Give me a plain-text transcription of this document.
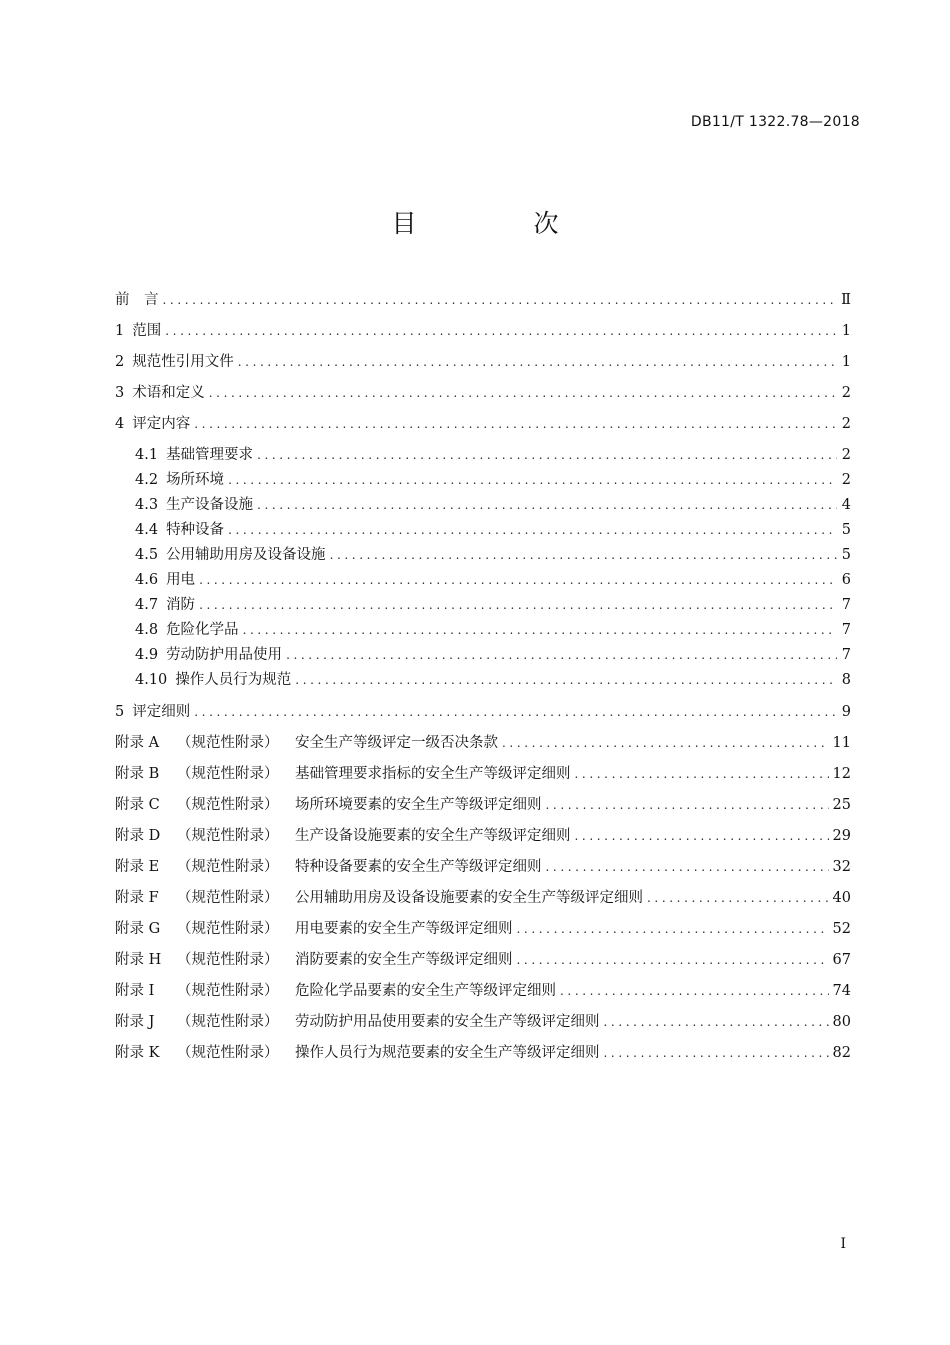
DB11/T 1322.78—2018
目　次
前　言 .....	Ⅱ
1 范围 .....	1
2 规范性引用文件 .....	1
3 术语和定义 .....	2
4 评定内容 .....	2
4.1 基础管理要求 .....	2
4.2 场所环境 .....	2
4.3 生产设备设施 .....	4
4.4 特种设备 .....	5
4.5 公用辅助用房及设备设施 .....	5
4.6 用电 .....	6
4.7 消防 .....	7
4.8 危险化学品 .....	7
4.9 劳动防护用品使用 .....	7
4.10 操作人员行为规范 .....	8
5 评定细则 .....	9
附录 A （规范性附录） 安全生产等级评定一级否决条款 .....	11
附录 B （规范性附录） 基础管理要求指标的安全生产等级评定细则 .....	12
附录 C （规范性附录） 场所环境要素的安全生产等级评定细则 .....	25
附录 D （规范性附录） 生产设备设施要素的安全生产等级评定细则 .....	29
附录 E （规范性附录） 特种设备要素的安全生产等级评定细则 .....	32
附录 F （规范性附录） 公用辅助用房及设备设施要素的安全生产等级评定细则 .....	40
附录 G （规范性附录） 用电要素的安全生产等级评定细则 .....	52
附录 H （规范性附录） 消防要素的安全生产等级评定细则 .....	67
附录 I （规范性附录） 危险化学品要素的安全生产等级评定细则 .....	74
附录 J （规范性附录） 劳动防护用品使用要素的安全生产等级评定细则 .....	80
附录 K （规范性附录） 操作人员行为规范要素的安全生产等级评定细则 .....	82
I
